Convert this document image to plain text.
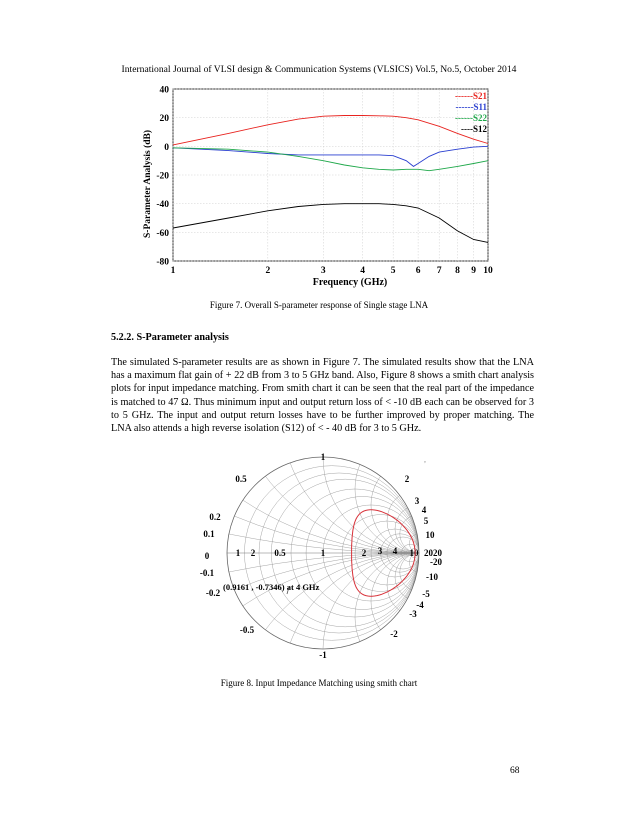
International Journal of VLSI design & Communication Systems (VLSICS) Vol.5, No.5, October 2014
S-Parameter Analysis (dB)
40
20
0
-20
-40
-60
-80
1	2	3	4	5 6 7 8 9 10
------S21
------S11
------S22
----S12
Frequency (GHz)
Figure 7. Overall S-parameter response of Single stage LNA
5.2.2. S-Parameter analysis
The simulated S-parameter results are as shown in Figure 7. The simulated results show that the LNA has a maximum flat gain of + 22 dB from 3 to 5 GHz band. Also, Figure 8 shows a smith chart analysis plots for input impedance matching. From smith chart it can be seen that the real part of the impedance is matched to 47 Ω. Thus minimum input and output return loss of < -10 dB each can be observed for 3 to 5 GHz. The input and output return losses have to be further improved by proper matching. The LNA also attends a high reverse isolation (S12) of < - 40 dB for 3 to 5 GHz.
1 2 0.5	1	2 3 4 10 2020
1
0.5	2
3
4
5
10
0.2
0.1
-1
-0.5	-2
-3
-4
-5
-10
-20
-0.2
-0.1
0
(0.9161 , -0.7346) at 4 GHz
,
Figure 8. Input Impedance Matching using smith chart
68
